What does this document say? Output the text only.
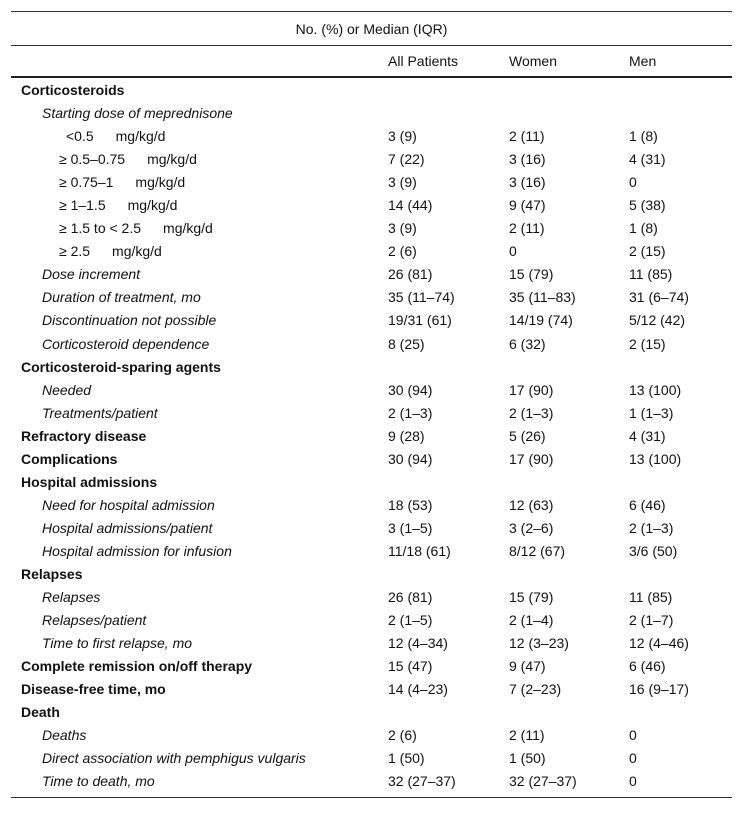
No. (%) or Median (IQR)			
	All Patients	Women	Men
Corticosteroids			
Starting dose of meprednisone			
<0.5 mg/kg/d	3 (9)	2 (11)	1 (8)
≥ 0.5–0.75 mg/kg/d	7 (22)	3 (16)	4 (31)
≥ 0.75–1 mg/kg/d	3 (9)	3 (16)	0
≥ 1–1.5 mg/kg/d	14 (44)	9 (47)	5 (38)
≥ 1.5 to < 2.5 mg/kg/d	3 (9)	2 (11)	1 (8)
≥ 2.5 mg/kg/d	2 (6)	0	2 (15)
Dose increment	26 (81)	15 (79)	11 (85)
Duration of treatment, mo	35 (11–74)	35 (11–83)	31 (6–74)
Discontinuation not possible	19/31 (61)	14/19 (74)	5/12 (42)
Corticosteroid dependence	8 (25)	6 (32)	2 (15)
Corticosteroid-sparing agents			
Needed	30 (94)	17 (90)	13 (100)
Treatments/patient	2 (1–3)	2 (1–3)	1 (1–3)
Refractory disease	9 (28)	5 (26)	4 (31)
Complications	30 (94)	17 (90)	13 (100)
Hospital admissions			
Need for hospital admission	18 (53)	12 (63)	6 (46)
Hospital admissions/patient	3 (1–5)	3 (2–6)	2 (1–3)
Hospital admission for infusion	11/18 (61)	8/12 (67)	3/6 (50)
Relapses			
Relapses	26 (81)	15 (79)	11 (85)
Relapses/patient	2 (1–5)	2 (1–4)	2 (1–7)
Time to first relapse, mo	12 (4–34)	12 (3–23)	12 (4–46)
Complete remission on/off therapy	15 (47)	9 (47)	6 (46)
Disease-free time, mo	14 (4–23)	7 (2–23)	16 (9–17)
Death			
Deaths	2 (6)	2 (11)	0
Direct association with pemphigus vulgaris	1 (50)	1 (50)	0
Time to death, mo	32 (27–37)	32 (27–37)	0
